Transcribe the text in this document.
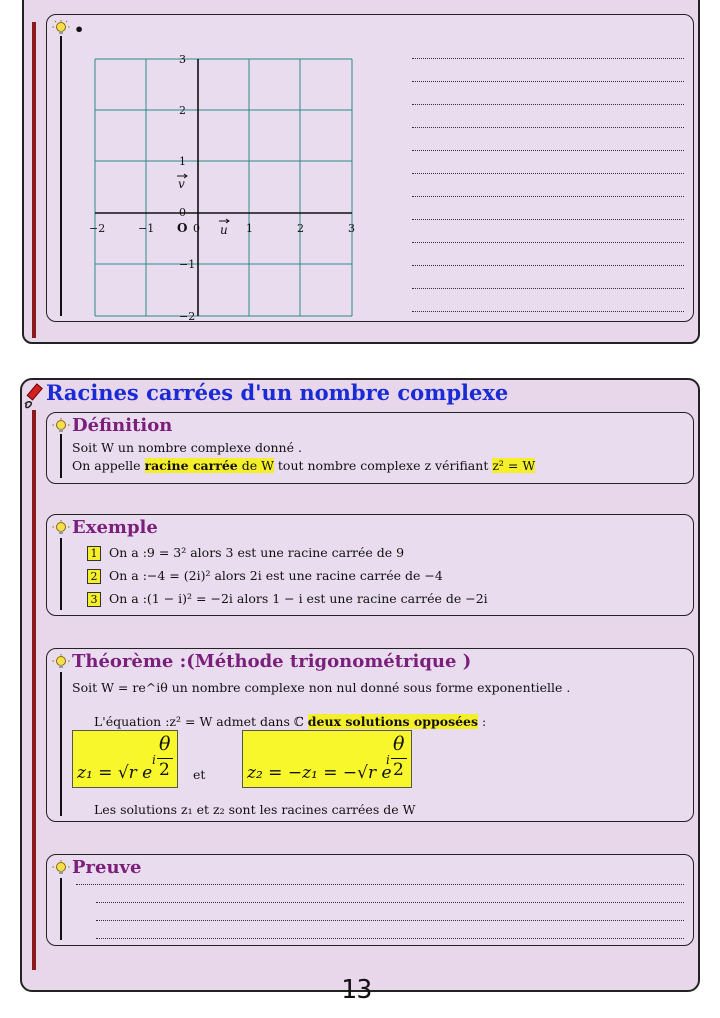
•
−2	−1	0	1	2	3
3
2
1
0
−1
−2
O	u
v
Racines carrées d'un nombre complexe
Définition
Soit W un nombre complexe donné .
On appelle racine carrée de W tout nombre complexe z vérifiant z² = W
Exemple
1 On a :9 = 3² alors 3 est une racine carrée de 9
2 On a :−4 = (2i)² alors 2i est une racine carrée de −4
3 On a :(1 − i)² = −2i alors 1 − i est une racine carrée de −2i
Théorème :(Méthode trigonométrique )
Soit W = re^iθ un nombre complexe non nul donné sous forme exponentielle .
L'équation :z² = W admet dans ℂ deux solutions opposées :
z₁ = √r e
θ
i 2 et z₂ = −z₁ = −√r e
θ
i 2
Les solutions z₁ et z₂ sont les racines carrées de W
Preuve
13
